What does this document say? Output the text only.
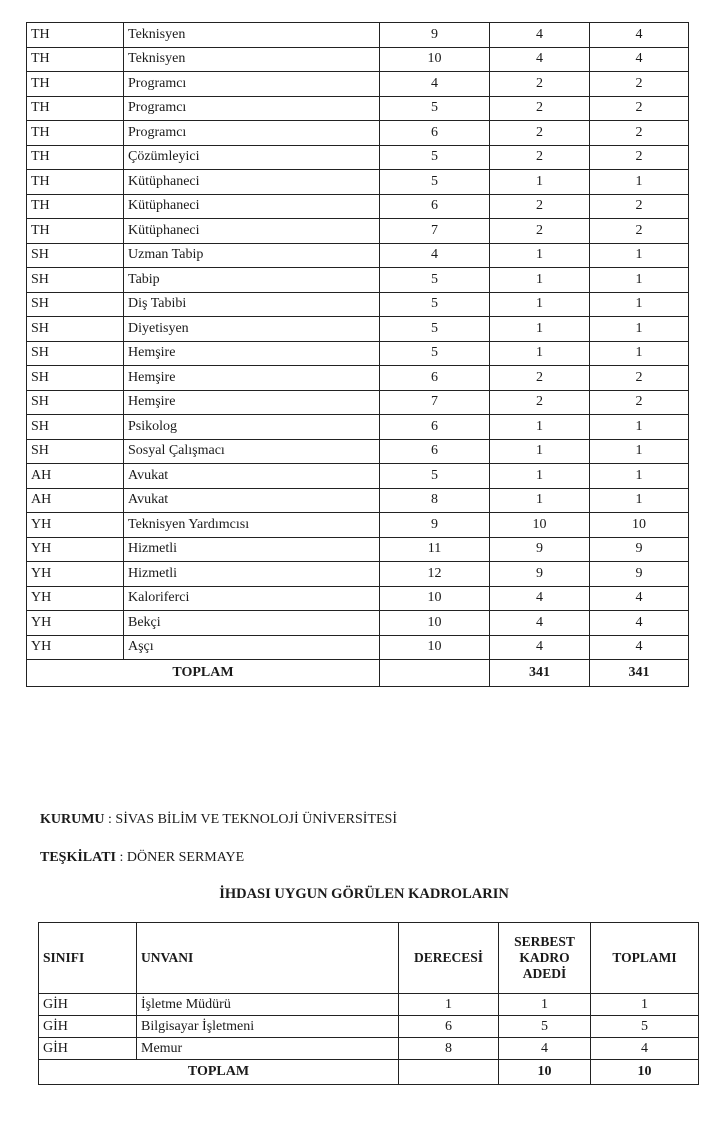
TH	Teknisyen	9	4	4
TH	Teknisyen	10	4	4
TH	Programcı	4	2	2
TH	Programcı	5	2	2
TH	Programcı	6	2	2
TH	Çözümleyici	5	2	2
TH	Kütüphaneci	5	1	1
TH	Kütüphaneci	6	2	2
TH	Kütüphaneci	7	2	2
SH	Uzman Tabip	4	1	1
SH	Tabip	5	1	1
SH	Diş Tabibi	5	1	1
SH	Diyetisyen	5	1	1
SH	Hemşire	5	1	1
SH	Hemşire	6	2	2
SH	Hemşire	7	2	2
SH	Psikolog	6	1	1
SH	Sosyal Çalışmacı	6	1	1
AH	Avukat	5	1	1
AH	Avukat	8	1	1
YH	Teknisyen Yardımcısı	9	10	10
YH	Hizmetli	11	9	9
YH	Hizmetli	12	9	9
YH	Kaloriferci	10	4	4
YH	Bekçi	10	4	4
YH	Aşçı	10	4	4
TOPLAM			341	341
KURUMU : SİVAS BİLİM VE TEKNOLOJİ ÜNİVERSİTESİ
TEŞKİLATI : DÖNER SERMAYE
İHDASI UYGUN GÖRÜLEN KADROLARIN
SINIFI	UNVANI	DERECESİ	SERBEST KADRO ADEDİ	TOPLAMI
GİH	İşletme Müdürü	1	1	1
GİH	Bilgisayar İşletmeni	6	5	5
GİH	Memur	8	4	4
TOPLAM			10	10
